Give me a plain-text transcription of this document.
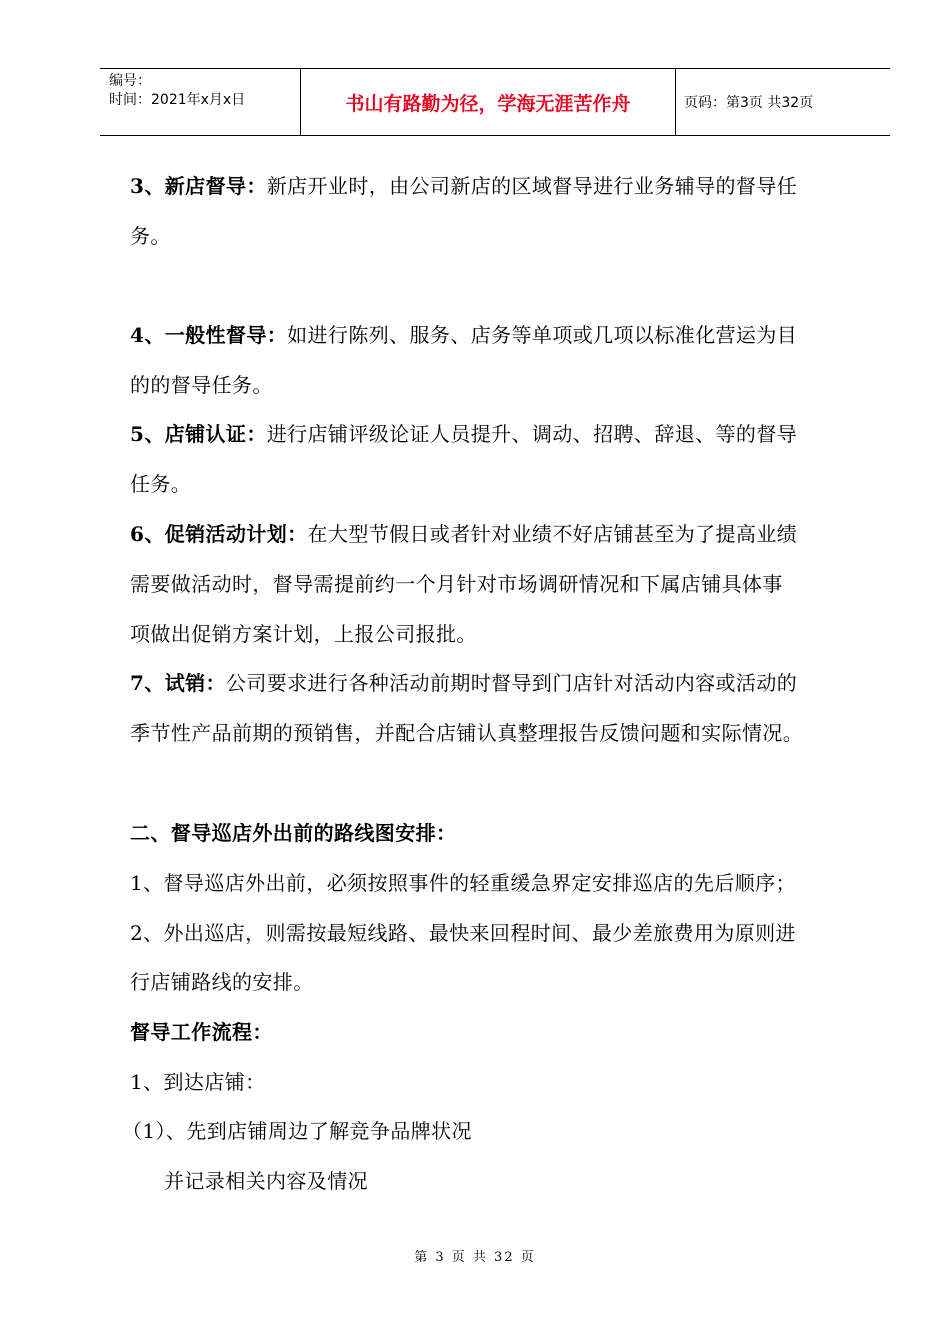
编号：
时间：2021年x月x日	书山有路勤为径，学海无涯苦作舟	页码：第3页 共32页
3、新店督导：新店开业时，由公司新店的区域督导进行业务辅导的督导任
务。
4、一般性督导：如进行陈列、服务、店务等单项或几项以标准化营运为目
的的督导任务。
5、店铺认证：进行店铺评级论证人员提升、调动、招聘、辞退、等的督导
任务。
6、促销活动计划：在大型节假日或者针对业绩不好店铺甚至为了提高业绩
需要做活动时，督导需提前约一个月针对市场调研情况和下属店铺具体事
项做出促销方案计划，上报公司报批。
7、试销：公司要求进行各种活动前期时督导到门店针对活动内容或活动的
季节性产品前期的预销售，并配合店铺认真整理报告反馈问题和实际情况。
二、督导巡店外出前的路线图安排：
1、督导巡店外出前，必须按照事件的轻重缓急界定安排巡店的先后顺序；
2、外出巡店，则需按最短线路、最快来回程时间、最少差旅费用为原则进
行店铺路线的安排。
督导工作流程：
1、到达店铺：
（1）、先到店铺周边了解竞争品牌状况
并记录相关内容及情况
第 3 页 共 32 页
